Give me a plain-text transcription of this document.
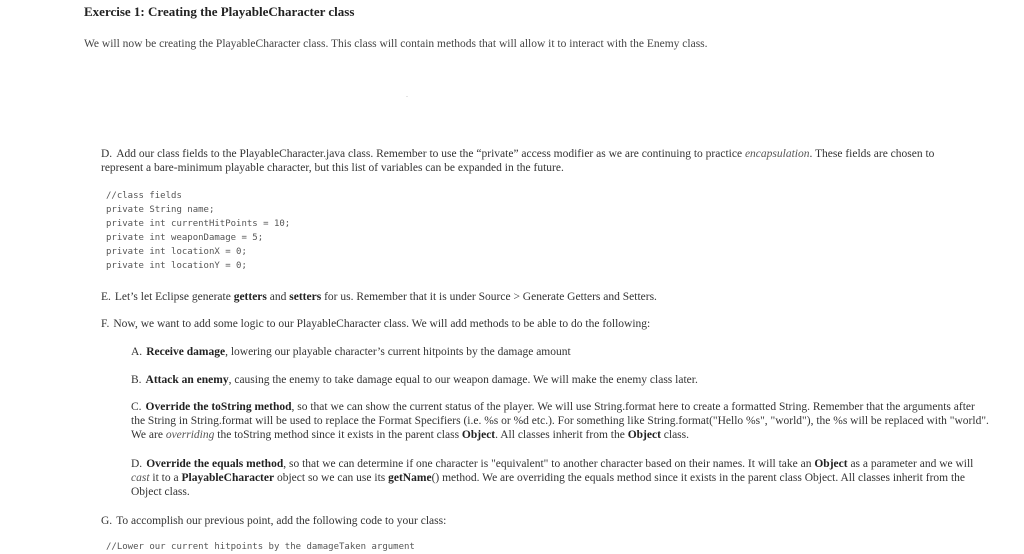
Exercise 1: Creating the PlayableCharacter class
We will now be creating the PlayableCharacter class. This class will contain methods that will allow it to interact with the Enemy class.
D. Add our class fields to the PlayableCharacter.java class. Remember to use the “private” access modifier as we are continuing to practice encapsulation. These fields are chosen to represent a bare-minimum playable character, but this list of variables can be expanded in the future.
//class fields
private String name;
private int currentHitPoints = 10;
private int weaponDamage = 5;
private int locationX = 0;
private int locationY = 0;
E. Let’s let Eclipse generate getters and setters for us. Remember that it is under Source > Generate Getters and Setters.
F. Now, we want to add some logic to our PlayableCharacter class. We will add methods to be able to do the following:
A. Receive damage, lowering our playable character’s current hitpoints by the damage amount
B. Attack an enemy, causing the enemy to take damage equal to our weapon damage. We will make the enemy class later.
C. Override the toString method, so that we can show the current status of the player. We will use String.format here to create a formatted String. Remember that the arguments after the String in String.format will be used to replace the Format Specifiers (i.e. %s or %d etc.). For something like String.format("Hello %s", "world"), the %s will be replaced with "world". We are overriding the toString method since it exists in the parent class Object. All classes inherit from the Object class.
D. Override the equals method, so that we can determine if one character is "equivalent" to another character based on their names. It will take an Object as a parameter and we will cast it to a PlayableCharacter object so we can use its getName() method. We are overriding the equals method since it exists in the parent class Object. All classes inherit from the Object class.
G. To accomplish our previous point, add the following code to your class:
//Lower our current hitpoints by the damageTaken argument
